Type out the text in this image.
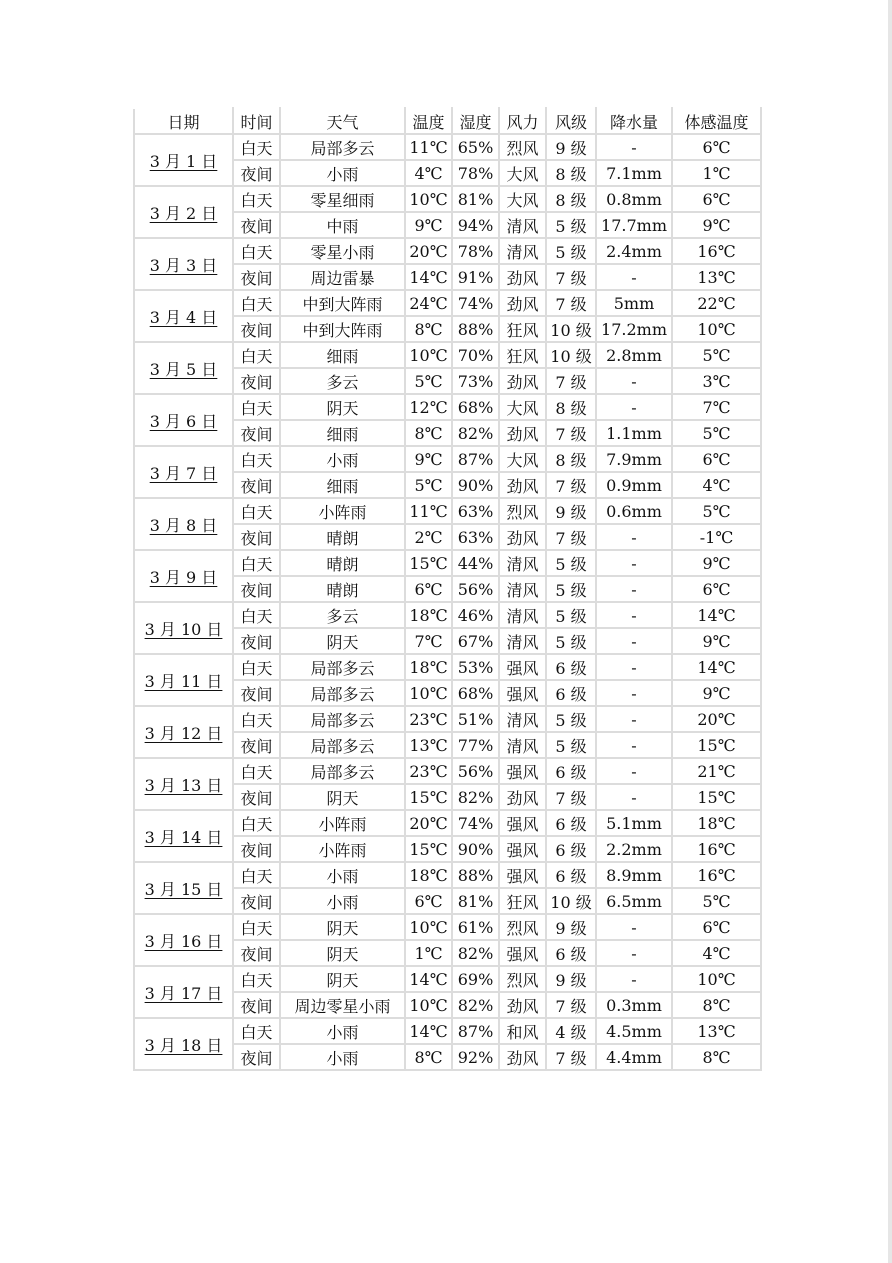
日期	时间	天气	温度	湿度	风力	风级	降水量	体感温度
3 月 1 日	白天	局部多云	11℃	65%	烈风	9 级	-	6℃
	夜间	小雨	4℃	78%	大风	8 级	7.1mm	1℃
3 月 2 日	白天	零星细雨	10℃	81%	大风	8 级	0.8mm	6℃
	夜间	中雨	9℃	94%	清风	5 级	17.7mm	9℃
3 月 3 日	白天	零星小雨	20℃	78%	清风	5 级	2.4mm	16℃
	夜间	周边雷暴	14℃	91%	劲风	7 级	-	13℃
3 月 4 日	白天	中到大阵雨	24℃	74%	劲风	7 级	5mm	22℃
	夜间	中到大阵雨	8℃	88%	狂风	10 级	17.2mm	10℃
3 月 5 日	白天	细雨	10℃	70%	狂风	10 级	2.8mm	5℃
	夜间	多云	5℃	73%	劲风	7 级	-	3℃
3 月 6 日	白天	阴天	12℃	68%	大风	8 级	-	7℃
	夜间	细雨	8℃	82%	劲风	7 级	1.1mm	5℃
3 月 7 日	白天	小雨	9℃	87%	大风	8 级	7.9mm	6℃
	夜间	细雨	5℃	90%	劲风	7 级	0.9mm	4℃
3 月 8 日	白天	小阵雨	11℃	63%	烈风	9 级	0.6mm	5℃
	夜间	晴朗	2℃	63%	劲风	7 级	-	-1℃
3 月 9 日	白天	晴朗	15℃	44%	清风	5 级	-	9℃
	夜间	晴朗	6℃	56%	清风	5 级	-	6℃
3 月 10 日	白天	多云	18℃	46%	清风	5 级	-	14℃
	夜间	阴天	7℃	67%	清风	5 级	-	9℃
3 月 11 日	白天	局部多云	18℃	53%	强风	6 级	-	14℃
	夜间	局部多云	10℃	68%	强风	6 级	-	9℃
3 月 12 日	白天	局部多云	23℃	51%	清风	5 级	-	20℃
	夜间	局部多云	13℃	77%	清风	5 级	-	15℃
3 月 13 日	白天	局部多云	23℃	56%	强风	6 级	-	21℃
	夜间	阴天	15℃	82%	劲风	7 级	-	15℃
3 月 14 日	白天	小阵雨	20℃	74%	强风	6 级	5.1mm	18℃
	夜间	小阵雨	15℃	90%	强风	6 级	2.2mm	16℃
3 月 15 日	白天	小雨	18℃	88%	强风	6 级	8.9mm	16℃
	夜间	小雨	6℃	81%	狂风	10 级	6.5mm	5℃
3 月 16 日	白天	阴天	10℃	61%	烈风	9 级	-	6℃
	夜间	阴天	1℃	82%	强风	6 级	-	4℃
3 月 17 日	白天	阴天	14℃	69%	烈风	9 级	-	10℃
	夜间	周边零星小雨	10℃	82%	劲风	7 级	0.3mm	8℃
3 月 18 日	白天	小雨	14℃	87%	和风	4 级	4.5mm	13℃
	夜间	小雨	8℃	92%	劲风	7 级	4.4mm	8℃
